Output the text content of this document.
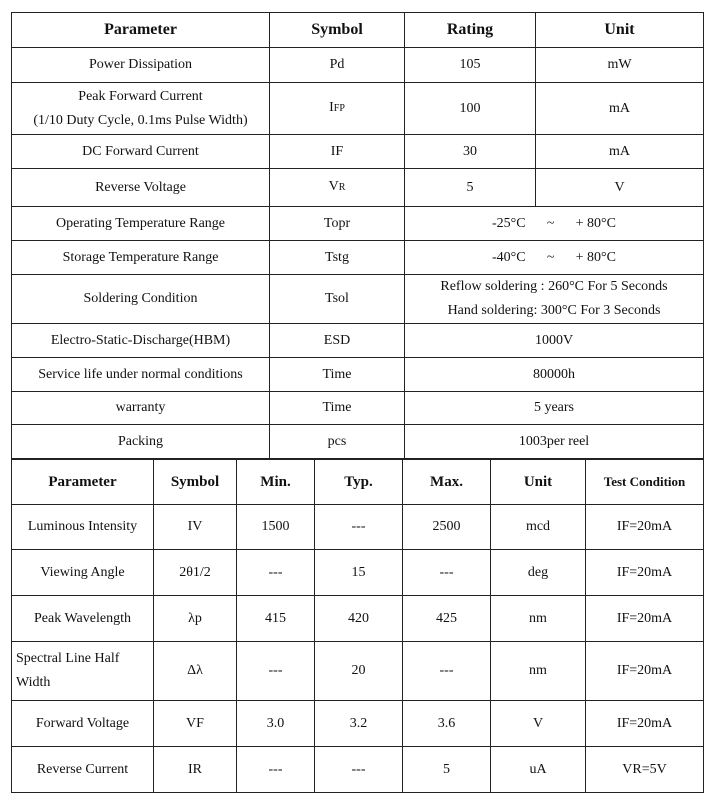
Parameter	Symbol	Rating	Unit
Power Dissipation	Pd	105	mW

Peak Forward Current
(1/10 Duty Cycle, 0.1ms Pulse Width)	IFP	100	mA
DC Forward Current	IF	30	mA
Reverse Voltage	VR	5	V
Operating Temperature Range	Topr	-25°C ~ + 80°C	
Storage Temperature Range	Tstg	-40°C ~ + 80°C	
Soldering Condition	Tsol	Reflow soldering : 260°C For 5 Seconds
Hand soldering: 300°C For 3 Seconds	

Electro-Static-Discharge(HBM)	ESD	1000V	
Service life under normal conditions	Time	80000h	
warranty	Time	5 years	
Packing	pcs	1003per reel	
Parameter	Symbol	Min.	Typ.	Max.	Unit	Test Condition
Luminous Intensity	IV	1500	---	2500	mcd	IF=20mA
Viewing Angle	2θ1/2	---	15	---	deg	IF=20mA
Peak Wavelength	λp	415	420	425	nm	IF=20mA

Spectral Line Half
Width	Δλ	---	20	---	nm	IF=20mA
Forward Voltage	VF	3.0	3.2	3.6	V	IF=20mA
Reverse Current	IR	---	---	5	uA	VR=5V
